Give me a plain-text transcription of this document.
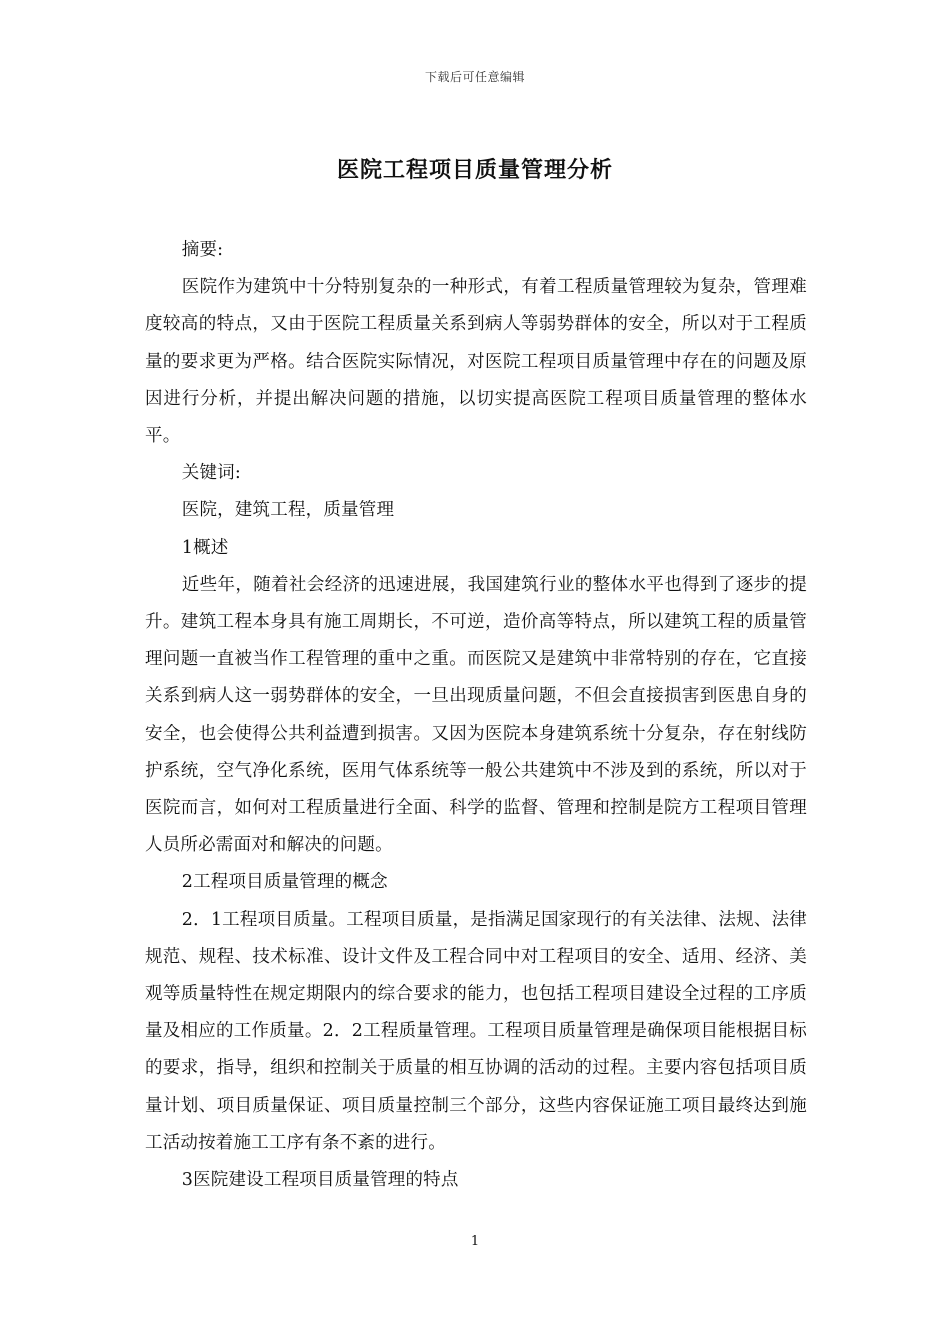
下载后可任意编辑
医院工程项目质量管理分析

摘要:

医院作为建筑中十分特别复杂的一种形式，有着工程质量管理较为复杂，管理难度较高的特点，又由于医院工程质量关系到病人等弱势群体的安全，所以对于工程质量的要求更为严格。结合医院实际情况，对医院工程项目质量管理中存在的问题及原因进行分析，并提出解决问题的措施，以切实提高医院工程项目质量管理的整体水平。

关键词:

医院，建筑工程，质量管理

1概述

近些年，随着社会经济的迅速进展，我国建筑行业的整体水平也得到了逐步的提升。建筑工程本身具有施工周期长，不可逆，造价高等特点，所以建筑工程的质量管理问题一直被当作工程管理的重中之重。而医院又是建筑中非常特别的存在，它直接关系到病人这一弱势群体的安全，一旦出现质量问题，不但会直接损害到医患自身的安全，也会使得公共利益遭到损害。又因为医院本身建筑系统十分复杂，存在射线防护系统，空气净化系统，医用气体系统等一般公共建筑中不涉及到的系统，所以对于医院而言，如何对工程质量进行全面、科学的监督、管理和控制是院方工程项目管理人员所必需面对和解决的问题。

2工程项目质量管理的概念

2．1工程项目质量。工程项目质量，是指满足国家现行的有关法律、法规、法律规范、规程、技术标准、设计文件及工程合同中对工程项目的安全、适用、经济、美观等质量特性在规定期限内的综合要求的能力，也包括工程项目建设全过程的工序质量及相应的工作质量。2．2工程质量管理。工程项目质量管理是确保项目能根据目标的要求，指导，组织和控制关于质量的相互协调的活动的过程。主要内容包括项目质量计划、项目质量保证、项目质量控制三个部分，这些内容保证施工项目最终达到施工活动按着施工工序有条不紊的进行。

3医院建设工程项目质量管理的特点

1
